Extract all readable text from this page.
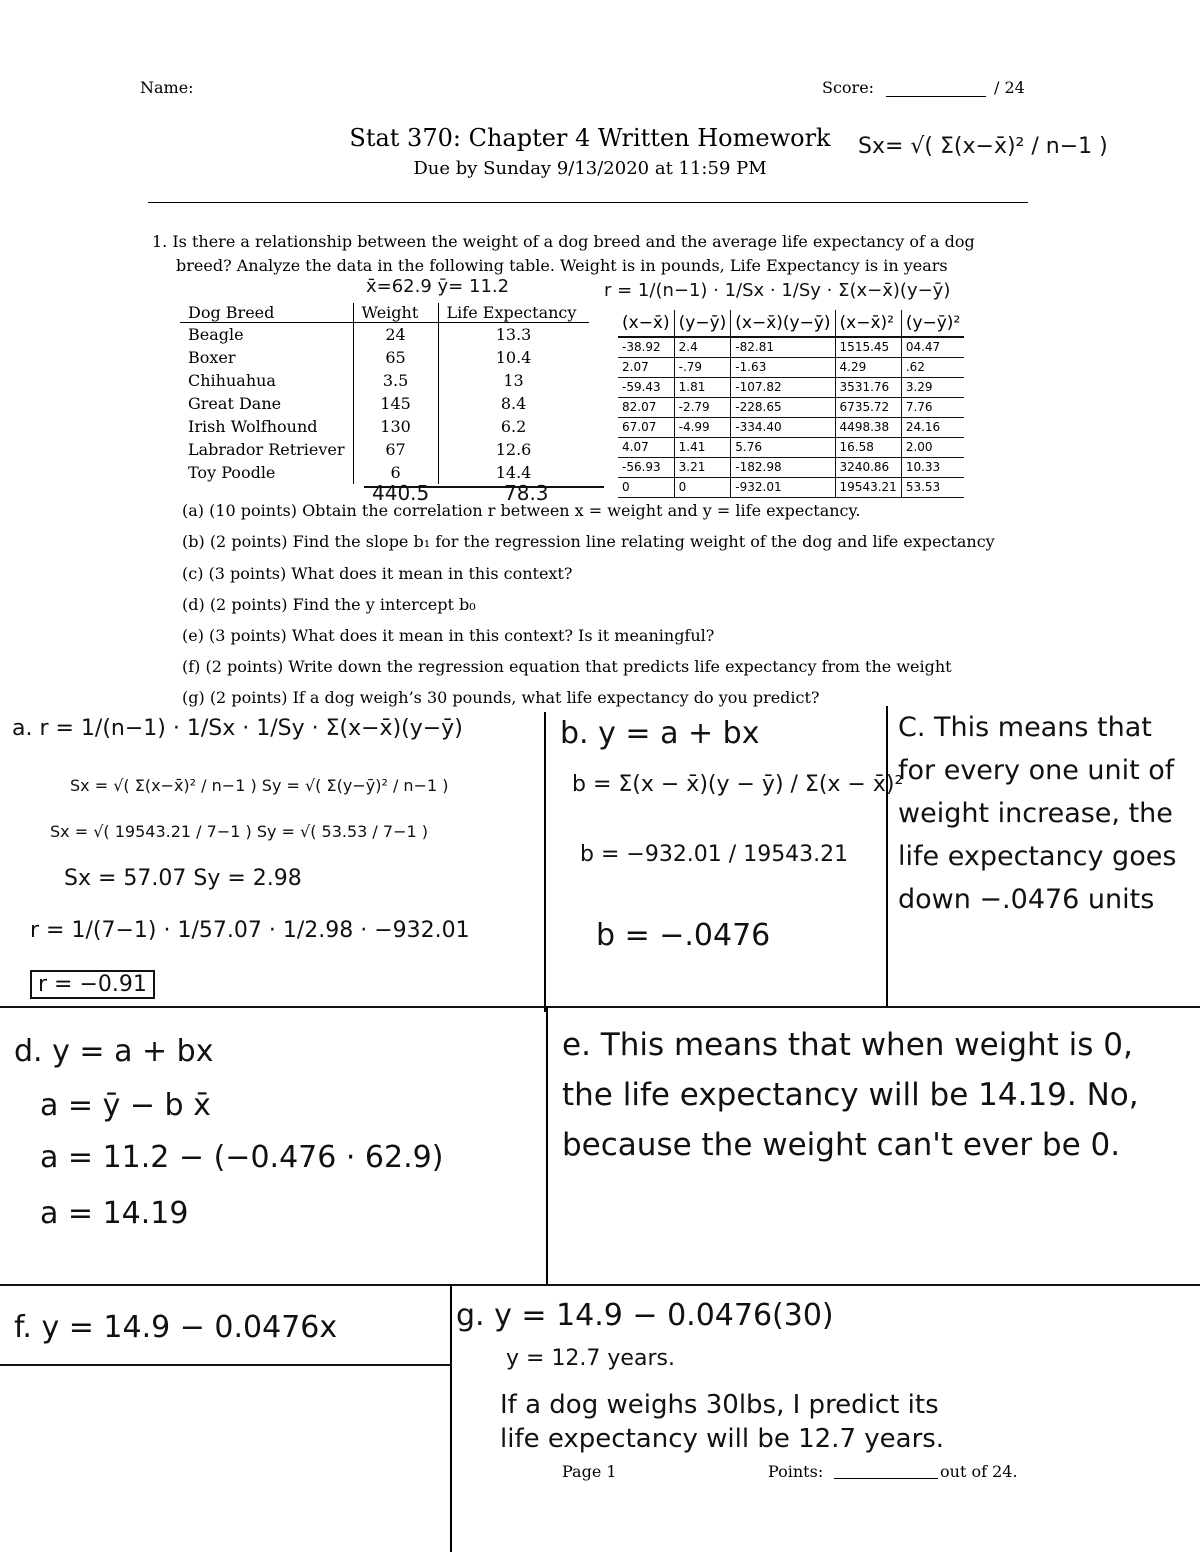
Name:	Score:	/ 24
Stat 370: Chapter 4 Written Homework
Due by Sunday 9/13/2020 at 11:59 PM
Sx= √( Σ(x−x̄)² / n−1 )
1. Is there a relationship between the weight of a dog breed and the average life expectancy of a dog
breed? Analyze the data in the following table. Weight is in pounds, Life Expectancy is in years
x̄=62.9 ȳ= 11.2	r = 1/(n−1) · 1/Sx · 1/Sy · Σ(x−x̄)(y−ȳ)
Dog Breed	Weight	Life Expectancy
Beagle	24	13.3
Boxer	65	10.4
Chihuahua	3.5	13
Great Dane	145	8.4
Irish Wolfhound	130	6.2
Labrador Retriever	67	12.6
Toy Poodle	6	14.4
440.5	78.3
(x−x̄)	(y−ȳ)	(x−x̄)(y−ȳ)	(x−x̄)²	(y−ȳ)²
-38.92	2.4	-82.81	1515.45	04.47
2.07	-.79	-1.63	4.29	.62
-59.43	1.81	-107.82	3531.76	3.29
82.07	-2.79	-228.65	6735.72	7.76
67.07	-4.99	-334.40	4498.38	24.16
4.07	1.41	5.76	16.58	2.00
-56.93	3.21	-182.98	3240.86	10.33
0	0	-932.01	19543.21	53.53
(a) (10 points) Obtain the correlation r between x = weight and y = life expectancy.
(b) (2 points) Find the slope b₁ for the regression line relating weight of the dog and life expectancy
(c) (3 points) What does it mean in this context?
(d) (2 points) Find the y intercept b₀
(e) (3 points) What does it mean in this context? Is it meaningful?
(f) (2 points) Write down the regression equation that predicts life expectancy from the weight
(g) (2 points) If a dog weigh’s 30 pounds, what life expectancy do you predict?
a. r = 1/(n−1) · 1/Sx · 1/Sy · Σ(x−x̄)(y−ȳ)
Sx = √( Σ(x−x̄)² / n−1 ) Sy = √( Σ(y−ȳ)² / n−1 )
Sx = √( 19543.21 / 7−1 ) Sy = √( 53.53 / 7−1 )
Sx = 57.07 Sy = 2.98
r = 1/(7−1) · 1/57.07 · 1/2.98 · −932.01
r = −0.91
b. y = a + bx
b = Σ(x − x̄)(y − ȳ) / Σ(x − x̄)²
b = −932.01 / 19543.21
b = −.0476
C. This means that for every one unit of weight increase, the life expectancy goes down −.0476 units
d. y = a + bx
a = ȳ − b x̄
a = 11.2 − (−0.476 · 62.9)
a = 14.19
e. This means that when weight is 0, the life expectancy will be 14.19. No, because the weight can't ever be 0.
f. y = 14.9 − 0.0476x	g. y = 14.9 − 0.0476(30)
y = 12.7 years.
If a dog weighs 30lbs, I predict its
life expectancy will be 12.7 years.
Page 1	Points:	out of 24.
